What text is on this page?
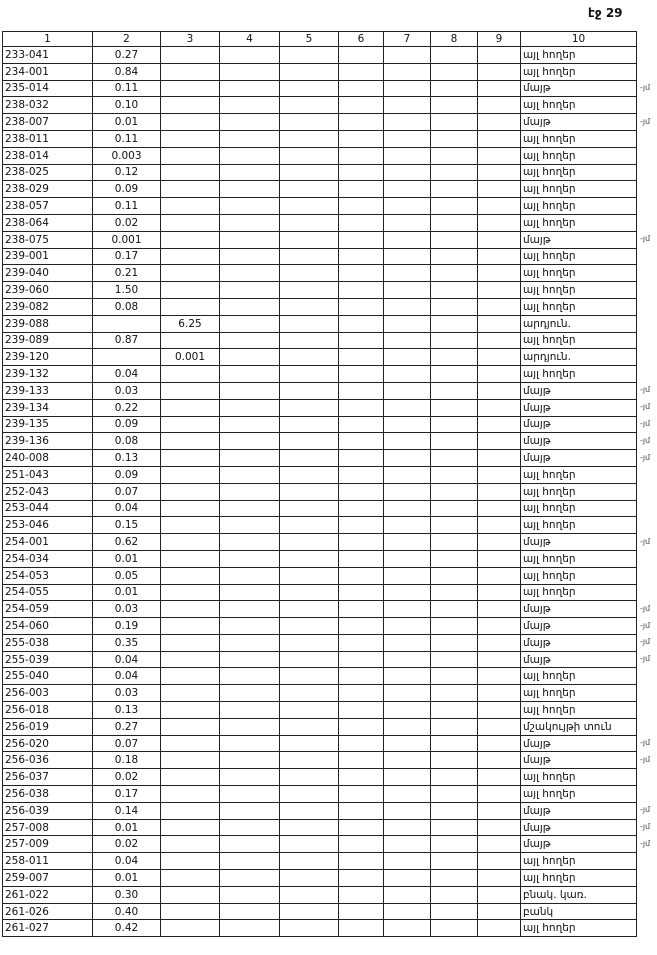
էջ 29
1	2	3	4	5	6	7	8	9	10
233-041	0.27								այլ հողեր
234-001	0.84								այլ հողեր
235-014	0.11								մայթ
238-032	0.10								այլ հողեր
238-007	0.01								մայթ
238-011	0.11								այլ հողեր
238-014	0.003								այլ հողեր
238-025	0.12								այլ հողեր
238-029	0.09								այլ հողեր
238-057	0.11								այլ հողեր
238-064	0.02								այլ հողեր
238-075	0.001								մայթ
239-001	0.17								այլ հողեր
239-040	0.21								այլ հողեր
239-060	1.50								այլ հողեր
239-082	0.08								այլ հողեր
239-088		6.25							արդյուն.
239-089	0.87								այլ հողեր
239-120		0.001							արդյուն.
239-132	0.04								այլ հողեր
239-133	0.03								մայթ
239-134	0.22								մայթ
239-135	0.09								մայթ
239-136	0.08								մայթ
240-008	0.13								մայթ
251-043	0.09								այլ հողեր
252-043	0.07								այլ հողեր
253-044	0.04								այլ հողեր
253-046	0.15								այլ հողեր
254-001	0.62								մայթ
254-034	0.01								այլ հողեր
254-053	0.05								այլ հողեր
254-055	0.01								այլ հողեր
254-059	0.03								մայթ
254-060	0.19								մայթ
255-038	0.35								մայթ
255-039	0.04								մայթ
255-040	0.04								այլ հողեր
256-003	0.03								այլ հողեր
256-018	0.13								այլ հողեր
256-019	0.27								մշակույթի տուն
256-020	0.07								մայթ
256-036	0.18								մայթ
256-037	0.02								այլ հողեր
256-038	0.17								այլ հողեր
256-039	0.14								մայթ
257-008	0.01								մայթ
257-009	0.02								մայթ
258-011	0.04								այլ հողեր
259-007	0.01								այլ հողեր
261-022	0.30								բնակ. կառ.
261-026	0.40								բանկ
261-027	0.42								այլ հողեր
-յմ
-յմ
-յմ
-յմ
-յմ
-յմ
-յմ
-յմ
-յմ
-յմ
-յմ
-յմ
-յմ
-յմ
-յմ
-յմ
-յմ
-յմ
